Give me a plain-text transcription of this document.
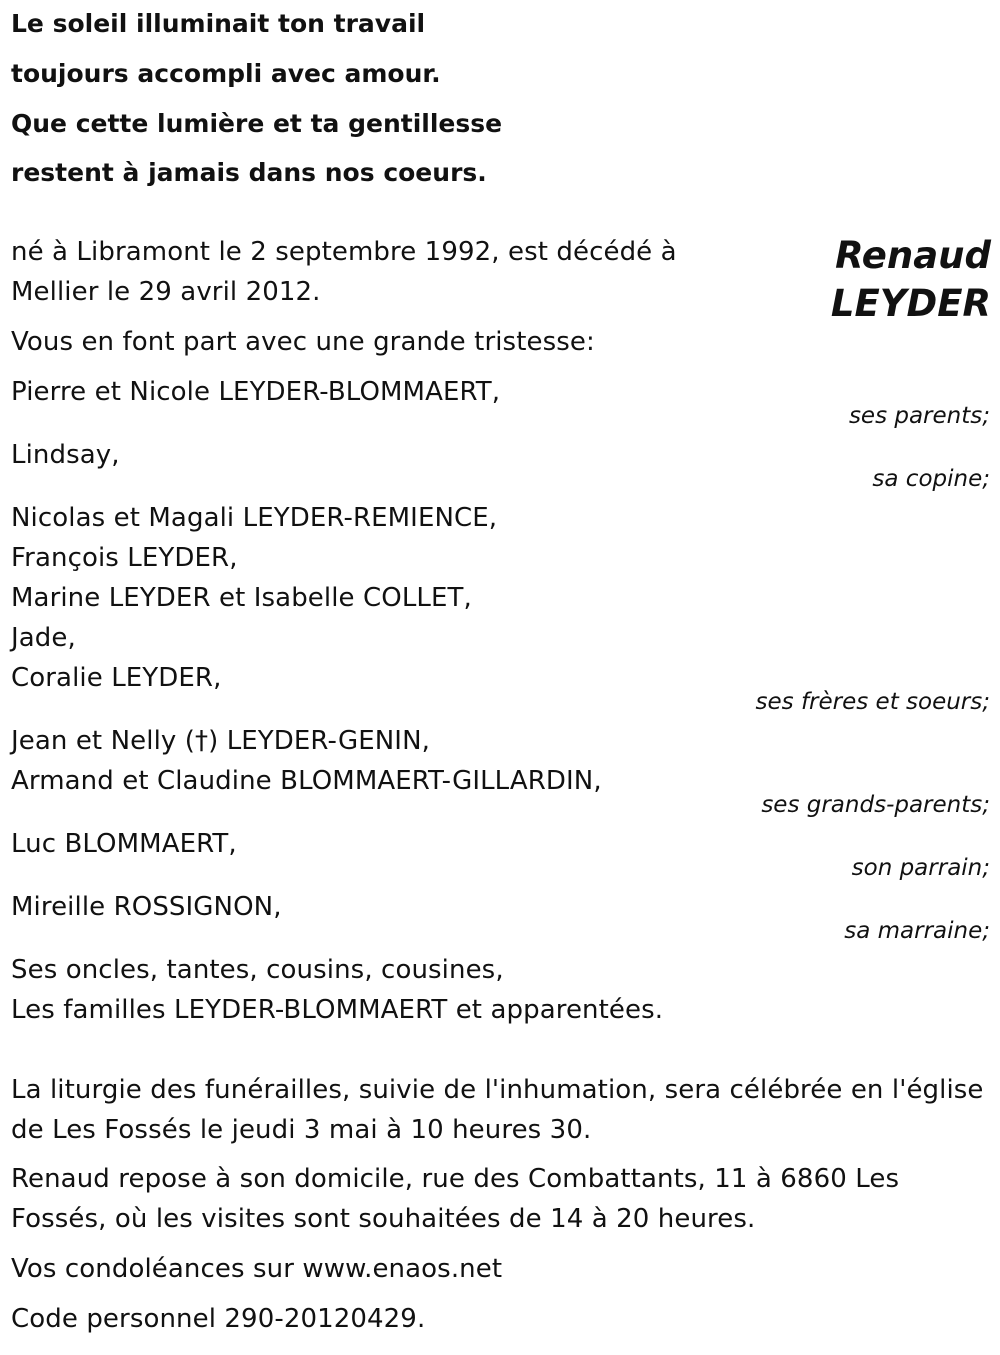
Le soleil illuminait ton travail
toujours accompli avec amour.
Que cette lumière et ta gentillesse
restent à jamais dans nos coeurs.
Renaud
LEYDER
né à Libramont le 2 septembre 1992, est décédé à
Mellier le 29 avril 2012.
Vous en font part avec une grande tristesse:
Pierre et Nicole LEYDER-BLOMMAERT,
ses parents;
Lindsay,
sa copine;
Nicolas et Magali LEYDER-REMIENCE,
François LEYDER,
Marine LEYDER et Isabelle COLLET,
Jade,
Coralie LEYDER,
ses frères et soeurs;
Jean et Nelly (†) LEYDER-GENIN,
Armand et Claudine BLOMMAERT-GILLARDIN,
ses grands-parents;
Luc BLOMMAERT,
son parrain;
Mireille ROSSIGNON,
sa marraine;
Ses oncles, tantes, cousins, cousines,
Les familles LEYDER-BLOMMAERT et apparentées.
La liturgie des funérailles, suivie de l'inhumation, sera célébrée en l'église
de Les Fossés le jeudi 3 mai à 10 heures 30.
Renaud repose à son domicile, rue des Combattants, 11 à 6860 Les
Fossés, où les visites sont souhaitées de 14 à 20 heures.
Vos condoléances sur www.enaos.net
Code personnel 290-20120429.
